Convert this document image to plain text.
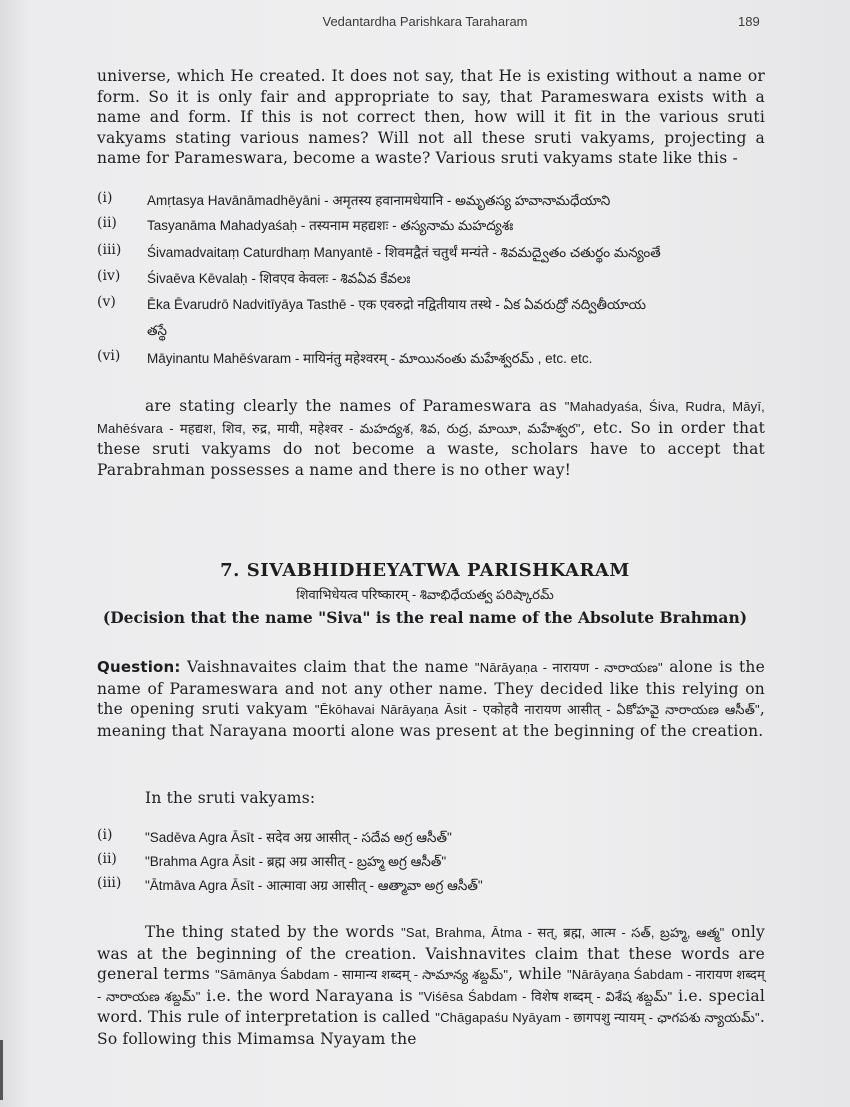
Vedantardha Parishkara Taraharam	189
universe, which He created. It does not say, that He is existing without a name or form. So it is only fair and appropriate to say, that Parameswara exists with a name and form. If this is not correct then, how will it fit in the various sruti vakyams stating various names? Will not all these sruti vakyams, projecting a name for Parameswara, become a waste? Various sruti vakyams state like this -
(i)	Amṛtasya Havānāmadhēyāni - अमृतस्य हवानामधेयानि - అమృతస్య హవానామధేయాని
(ii) Tasyanāma Mahadyaśaḥ - तस्यनाम महद्यशः - తస్యనామ మహద్యశః
(iii) Śivamadvaitaṃ Caturdhaṃ Manyantē - शिवमद्वैतं चतुर्थं मन्यंते - శివమద్వైతం చతుర్థం మన్యంతే
(iv) Śivaēva Kēvalaḥ - शिवएव केवलः - శివఏవ కేవలః
(v) Ēka Ēvarudrō Nadvitīyāya Tasthē - एक एवरुद्रो नद्वितीयाय तस्थे - ఏక ఏవరుద్రో నద్వితీయాయ
తస్థే
(vi) Māyinantu Mahēśvaram - मायिनंतु महेश्वरम् - మాయినంతు మహేశ్వరమ్ , etc. etc.
are stating clearly the names of Parameswara as "Mahadyaśa, Śiva, Rudra, Māyī, Mahēśvara - महद्यश, शिव, रुद्र, मायी, महेश्वर - మహద్యశ, శివ, రుద్ర, మాయీ, మహేశ్వర", etc. So in order that these sruti vakyams do not become a waste, scholars have to accept that Parabrahman possesses a name and there is no other way!
7. SIVABHIDHEYATWA PARISHKARAM
शिवाभिधेयत्व परिष्कारम् - శివాభిధేయత్వ పరిష్కారమ్
(Decision that the name "Siva" is the real name of the Absolute Brahman)
Question: Vaishnavaites claim that the name "Nārāyaṇa - नारायण - నారాయణ" alone is the name of Parameswara and not any other name. They decided like this relying on the opening sruti vakyam "Ēkōhavai Nārāyaṇa Āsit - एकोहवै नारायण आसीत् - ఏకోహవై నారాయణ ఆసీత్", meaning that Narayana moorti alone was present at the beginning of the creation.
In the sruti vakyams:
(i) "Sadēva Agra Āsīt - सदेव अग्र आसीत् - సదేవ అగ్ర ఆసీత్"
(ii) "Brahma Agra Āsit - ब्रह्म अग्र आसीत् - బ్రహ్మ అగ్ర ఆసీత్"
(iii) "Ātmāva Agra Āsīt - आत्मावा अग्र आसीत् - ఆత్మావా అగ్ర ఆసీత్"
The thing stated by the words "Sat, Brahma, Ātma - सत्, ब्रह्म, आत्म - సత్, బ్రహ్మ, ఆత్మ" only was at the beginning of the creation. Vaishnavites claim that these words are general terms "Sāmānya Śabdam - सामान्य शब्दम् - సామాన్య శబ్దమ్", while "Nārāyaṇa Śabdam - नारायण शब्दम् - నారాయణ శబ్దమ్" i.e. the word Narayana is "Viśēsa Śabdam - विशेष शब्दम् - విశేష శబ్దమ్" i.e. special word. This rule of interpretation is called "Chāgapaśu Nyāyam - छागपशु न्यायम् - ఛాగపశు న్యాయమ్". So following this Mimamsa Nyayam the
